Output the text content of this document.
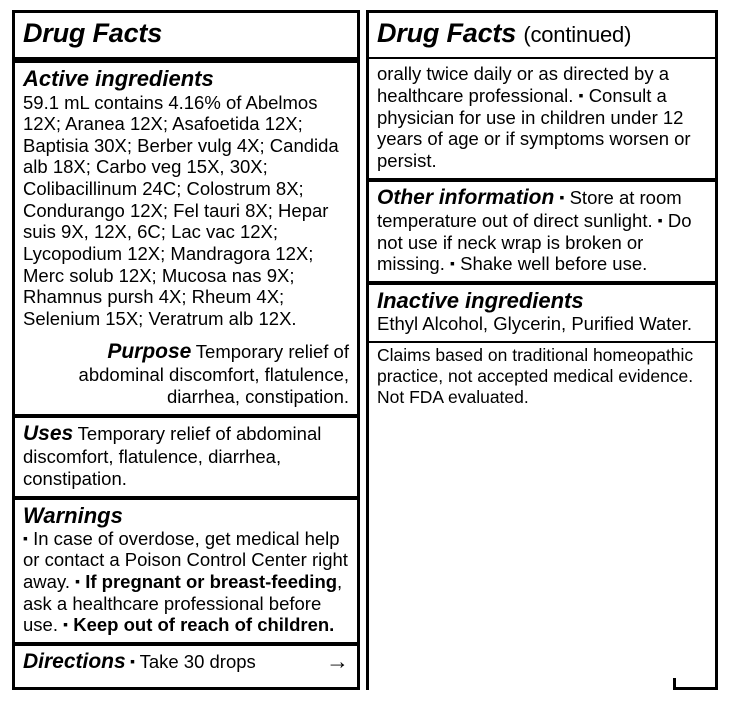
Drug Facts
Active ingredients
59.1 mL contains 4.16% of Abelmos 12X; Aranea 12X; Asafoetida 12X; Baptisia 30X; Berber vulg 4X; Candida alb 18X; Carbo veg 15X, 30X; Colibacillinum 24C; Colostrum 8X; Condurango 12X; Fel tauri 8X; Hepar suis 9X, 12X, 6C; Lac vac 12X; Lycopodium 12X; Mandragora 12X; Merc solub 12X; Mucosa nas 9X; Rhamnus pursh 4X; Rheum 4X; Selenium 15X; Veratrum alb 12X.
Purpose Temporary relief of abdominal discomfort, flatulence, diarrhea, constipation.
Uses Temporary relief of abdominal discomfort, flatulence, diarrhea, constipation.
Warnings
▪ In case of overdose, get medical help or contact a Poison Control Center right away. ▪ If pregnant or breast-feeding, ask a healthcare professional before use. ▪ Keep out of reach of children.
Directions ▪ Take 30 drops	→
Drug Facts (continued)
orally twice daily or as directed by a healthcare professional. ▪ Consult a physician for use in children under 12 years of age or if symptoms worsen or persist.
Other information ▪ Store at room temperature out of direct sunlight. ▪ Do not use if neck wrap is broken or missing. ▪ Shake well before use.
Inactive ingredients
Ethyl Alcohol, Glycerin, Purified Water.
Claims based on traditional homeopathic practice, not accepted medical evidence. Not FDA evaluated.
